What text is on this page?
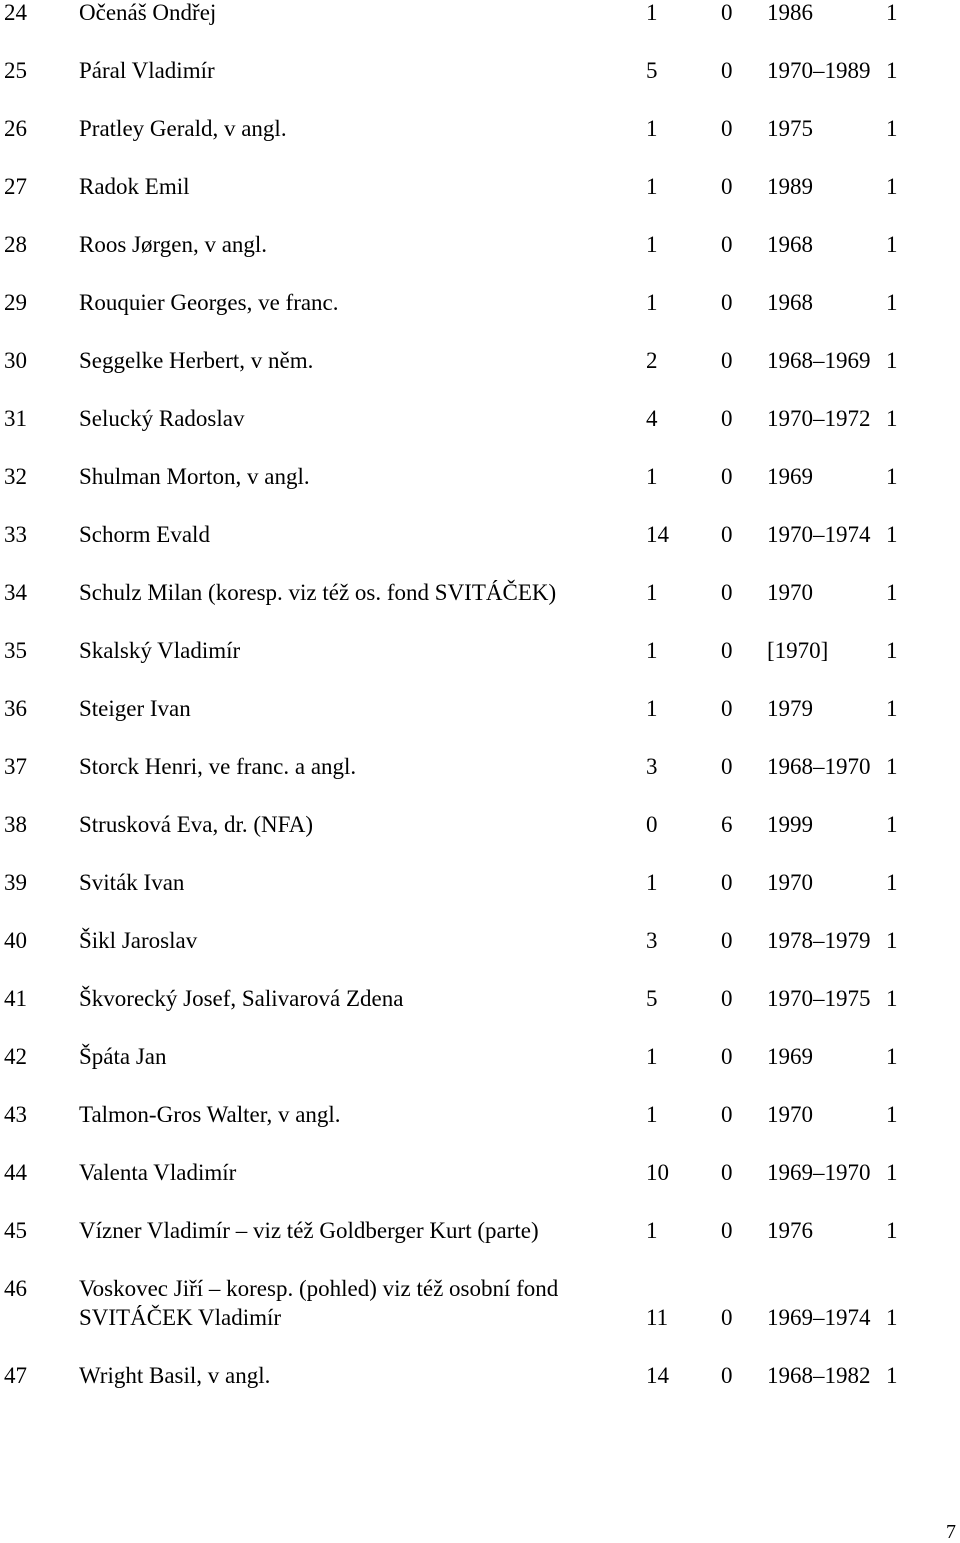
24 Očenáš Ondřej	1	0 1986	1
25 Páral Vladimír	5	0 1970–1989 1
26 Pratley Gerald, v angl.	1	0 1975	1
27 Radok Emil	1	0 1989	1
28 Roos Jørgen, v angl.	1	0 1968	1
29 Rouquier Georges, ve franc.	1	0 1968	1
30 Seggelke Herbert, v něm.	2	0 1968–1969 1
31 Selucký Radoslav	4	0 1970–1972 1
32 Shulman Morton, v angl.	1	0 1969	1
33 Schorm Evald	14 0 1970–1974 1
34 Schulz Milan (koresp. viz též os. fond SVITÁČEK)	1	0 1970	1
35 Skalský Vladimír	1	0 [1970]	1
36 Steiger Ivan	1	0 1979	1
37 Storck Henri, ve franc. a angl.	3	0 1968–1970 1
38 Strusková Eva, dr. (NFA)	0	6 1999	1
39 Sviták Ivan	1	0 1970	1
40 Šikl Jaroslav	3	0 1978–1979 1
41 Škvorecký Josef, Salivarová Zdena	5	0 1970–1975 1
42 Špáta Jan	1	0 1969	1
43 Talmon-Gros Walter, v angl.	1	0 1970	1
44 Valenta Vladimír	10 0 1969–1970 1
45 Vízner Vladimír – viz též Goldberger Kurt (parte)	1	0 1976	1
46 Voskovec Jiří – koresp. (pohled) viz též osobní fond
SVITÁČEK Vladimír	11 0 1969–1974 1
47 Wright Basil, v angl.	14 0 1968–1982 1
7
